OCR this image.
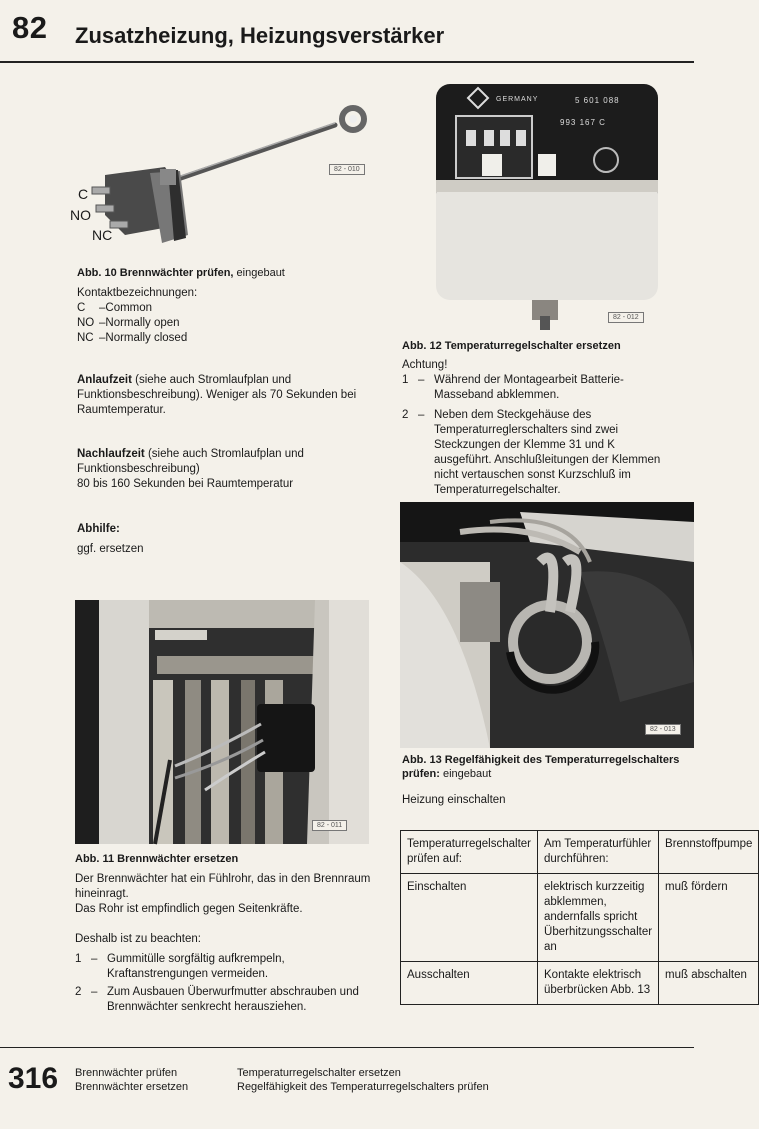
82 Zusatzheizung, Heizungsverstärker
C
NO
NC
82 - 010
Abb. 10 Brennwächter prüfen, eingebaut
Kontaktbezeichnungen:
C	– Common
NO – Normally open
NC – Normally closed
Anlaufzeit (siehe auch Stromlaufplan und Funktionsbeschreibung). Weniger als 70 Sekunden bei Raumtemperatur.
Nachlaufzeit (siehe auch Stromlaufplan und Funktionsbeschreibung)
80 bis 160 Sekunden bei Raumtemperatur
Abhilfe:
ggf. ersetzen
82 - 011
Abb. 11 Brennwächter ersetzen
Der Brennwächter hat ein Fühlrohr, das in den Brennraum hineinragt.
Das Rohr ist empfindlich gegen Seitenkräfte.
Deshalb ist zu beachten:
1 – Gummitülle sorgfältig aufkrempeln, Kraftanstrengungen vermeiden.
2 – Zum Ausbauen Überwurfmutter abschrauben und Brennwächter senkrecht herausziehen.
GERMANY	5 601 088
993 167 C
82 - 012
Abb. 12 Temperaturregelschalter ersetzen
Achtung!
1 – Während der Montagearbeit Batterie-Masseband abklemmen.
2 – Neben dem Steckgehäuse des Temperaturreglerschalters sind zwei Steckzungen der Klemme 31 und K ausgeführt. Anschlußleitungen der Klemmen nicht vertauschen sonst Kurzschluß im Temperaturregelschalter.
82 - 013
Abb. 13 Regelfähigkeit des Temperaturregelschalters prüfen: eingebaut
Heizung einschalten
Temperaturregelschalter prüfen auf:	Am Temperaturfühler durchführen:	Brennstoffpumpe
Einschalten	elektrisch kurzzeitig abklemmen, andernfalls spricht Überhitzungsschalter an	muß fördern
Ausschalten	Kontakte elektrisch überbrücken Abb. 13	muß abschalten
316 Brennwächter prüfen
Brennwächter ersetzen
Temperaturregelschalter ersetzen
Regelfähigkeit des Temperaturregelschalters prüfen
